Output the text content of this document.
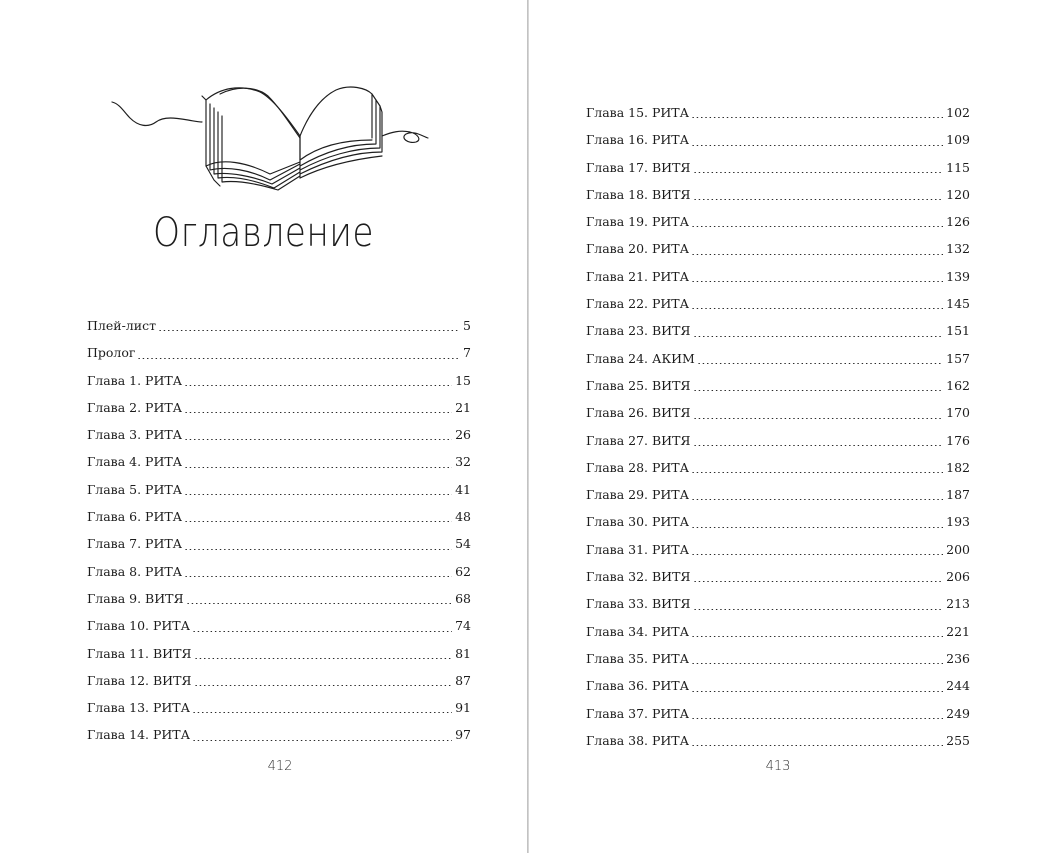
Оглавление
Плей-лист	5
Пролог	7
Глава 1. РИТА	15
Глава 2. РИТА	21
Глава 3. РИТА	26
Глава 4. РИТА	32
Глава 5. РИТА	41
Глава 6. РИТА	48
Глава 7. РИТА	54
Глава 8. РИТА	62
Глава 9. ВИТЯ	68
Глава 10. РИТА	74
Глава 11. ВИТЯ	81
Глава 12. ВИТЯ	87
Глава 13. РИТА	91
Глава 14. РИТА	97
Глава 15. РИТА	102
Глава 16. РИТА	109
Глава 17. ВИТЯ	115
Глава 18. ВИТЯ	120
Глава 19. РИТА	126
Глава 20. РИТА	132
Глава 21. РИТА	139
Глава 22. РИТА	145
Глава 23. ВИТЯ	151
Глава 24. АКИМ	157
Глава 25. ВИТЯ	162
Глава 26. ВИТЯ	170
Глава 27. ВИТЯ	176
Глава 28. РИТА	182
Глава 29. РИТА	187
Глава 30. РИТА	193
Глава 31. РИТА	200
Глава 32. ВИТЯ	206
Глава 33. ВИТЯ	213
Глава 34. РИТА	221
Глава 35. РИТА	236
Глава 36. РИТА	244
Глава 37. РИТА	249
Глава 38. РИТА	255
412	413
